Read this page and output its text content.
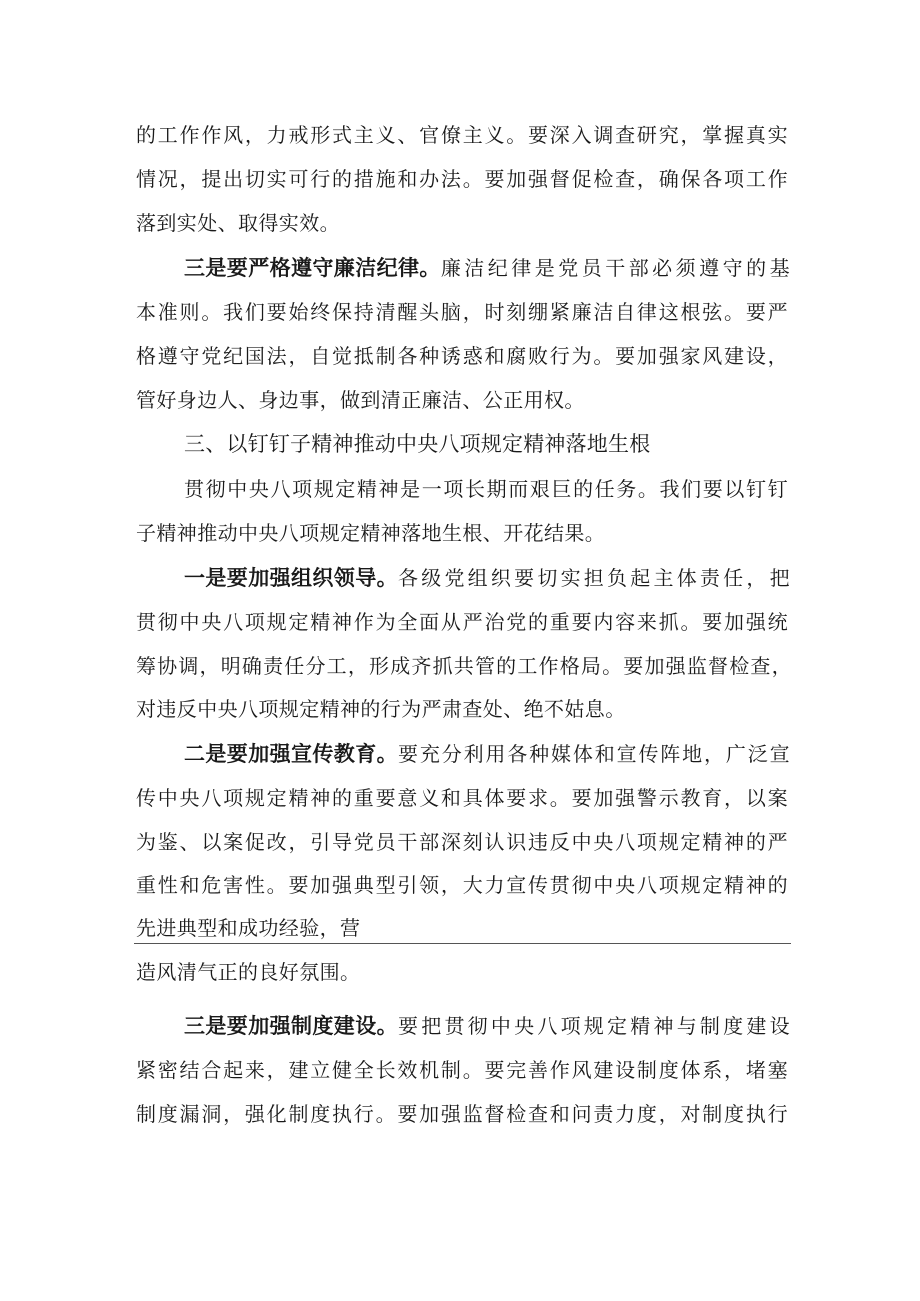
的工作作风，力戒形式主义、官僚主义。要深入调查研究，掌握真实
情况，提出切实可行的措施和办法。要加强督促检查，确保各项工作
落到实处、取得实效。
三是要严格遵守廉洁纪律。 廉洁纪律是党员干部必须遵守的基
本准则。我们要始终保持清醒头脑，时刻绷紧廉洁自律这根弦。要严
格遵守党纪国法，自觉抵制各种诱惑和腐败行为。要加强家风建设，
管好身边人、身边事，做到清正廉洁、公正用权。
三、以钉钉子精神推动中央八项规定精神落地生根
贯彻中央八项规定精神是一项长期而艰巨的任务。我们要以钉钉
子精神推动中央八项规定精神落地生根、开花结果。
一是要加强组织领导。 各级党组织要切实担负起主体责任，把
贯彻中央八项规定精神作为全面从严治党的重要内容来抓。要加强统
筹协调，明确责任分工，形成齐抓共管的工作格局。要加强监督检查，
对违反中央八项规定精神的行为严肃查处、绝不姑息。
二是要加强宣传教育。 要充分利用各种媒体和宣传阵地，广泛宣
传中央八项规定精神的重要意义和具体要求。要加强警示教育，以案
为鉴、以案促改，引导党员干部深刻认识违反中央八项规定精神的严
重性和危害性。要加强典型引领，大力宣传贯彻中央八项规定精神的
先进典型和成功经验，营
造风清气正的良好氛围。
三是要加强制度建设。 要把贯彻中央八项规定精神与制度建设
紧密结合起来，建立健全长效机制。要完善作风建设制度体系，堵塞
制度漏洞，强化制度执行。要加强监督检查和问责力度，对制度执行
